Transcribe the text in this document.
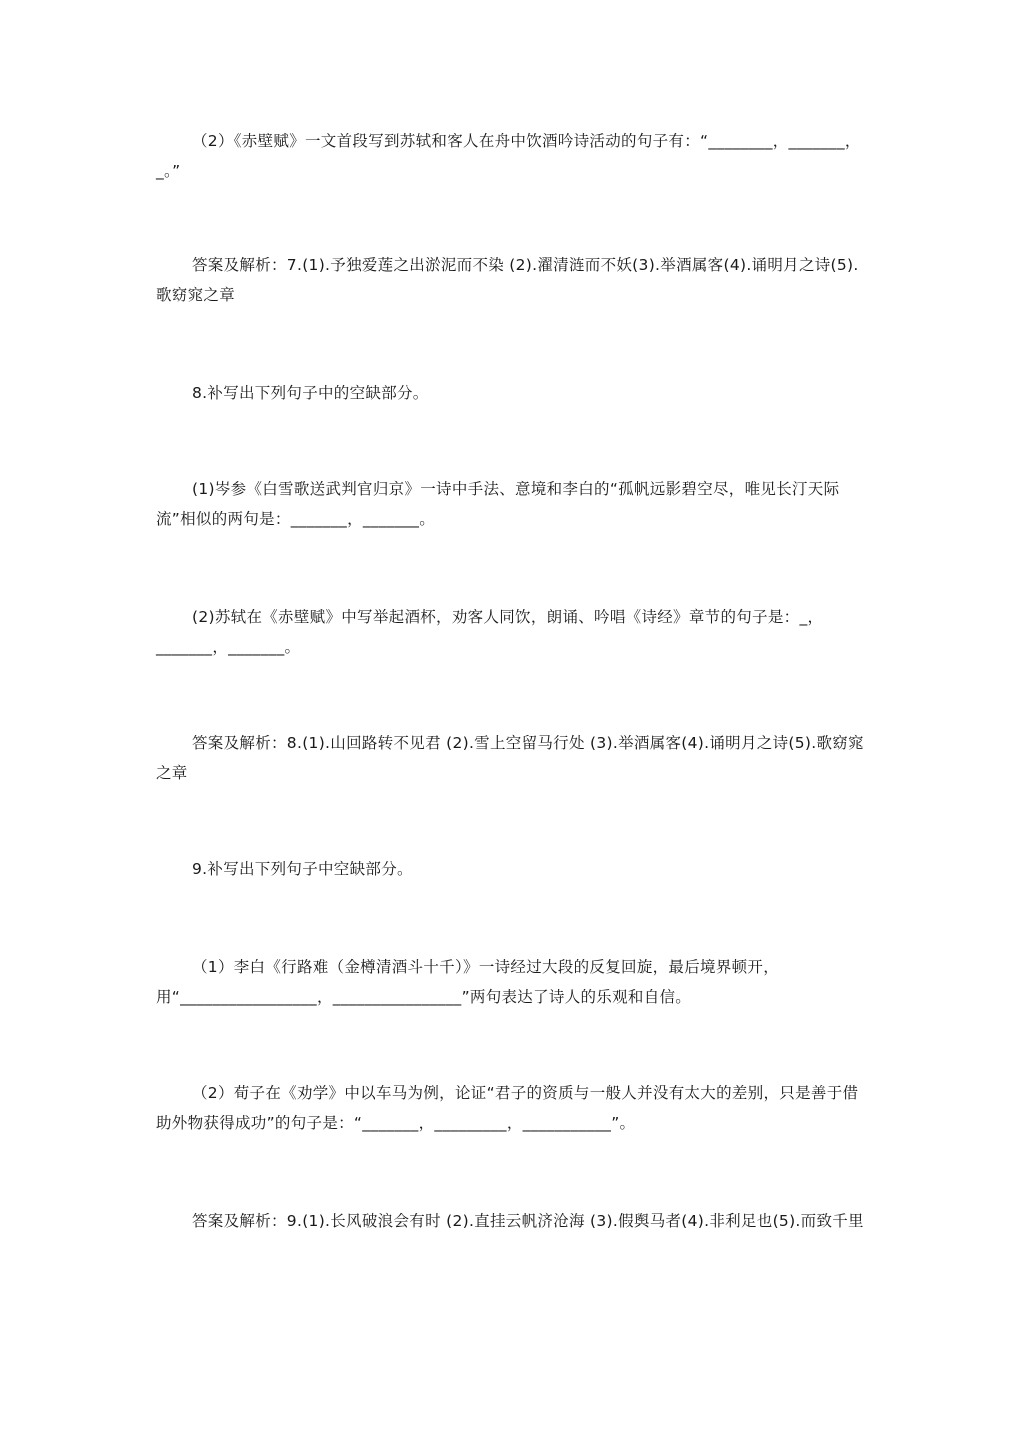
（2）《赤壁赋》一文首段写到苏轼和客人在舟中饮酒吟诗活动的句子有：“________，_______，_。”

答案及解析：7.(1).予独爱莲之出淤泥而不染 (2).濯清涟而不妖(3).举酒属客(4).诵明月之诗(5).歌窈窕之章

8.补写出下列句子中的空缺部分。

(1)岑参《白雪歌送武判官归京》一诗中手法、意境和李白的“孤帆远影碧空尽，唯见长汀天际流”相似的两句是：_______，_______。

(2)苏轼在《赤壁赋》中写举起酒杯，劝客人同饮，朗诵、吟唱《诗经》章节的句子是：_，_______，_______。

答案及解析：8.(1).山回路转不见君 (2).雪上空留马行处 (3).举酒属客(4).诵明月之诗(5).歌窈窕之章

9.补写出下列句子中空缺部分。

（1）李白《行路难（金樽清酒斗十千）》一诗经过大段的反复回旋，最后境界顿开，用“_________________，________________”两句表达了诗人的乐观和自信。

（2）荀子在《劝学》中以车马为例，论证“君子的资质与一般人并没有太大的差别，只是善于借助外物获得成功”的句子是：“_______，_________，___________”。

答案及解析：9.(1).长风破浪会有时 (2).直挂云帆济沧海 (3).假舆马者(4).非利足也(5).而致千里
